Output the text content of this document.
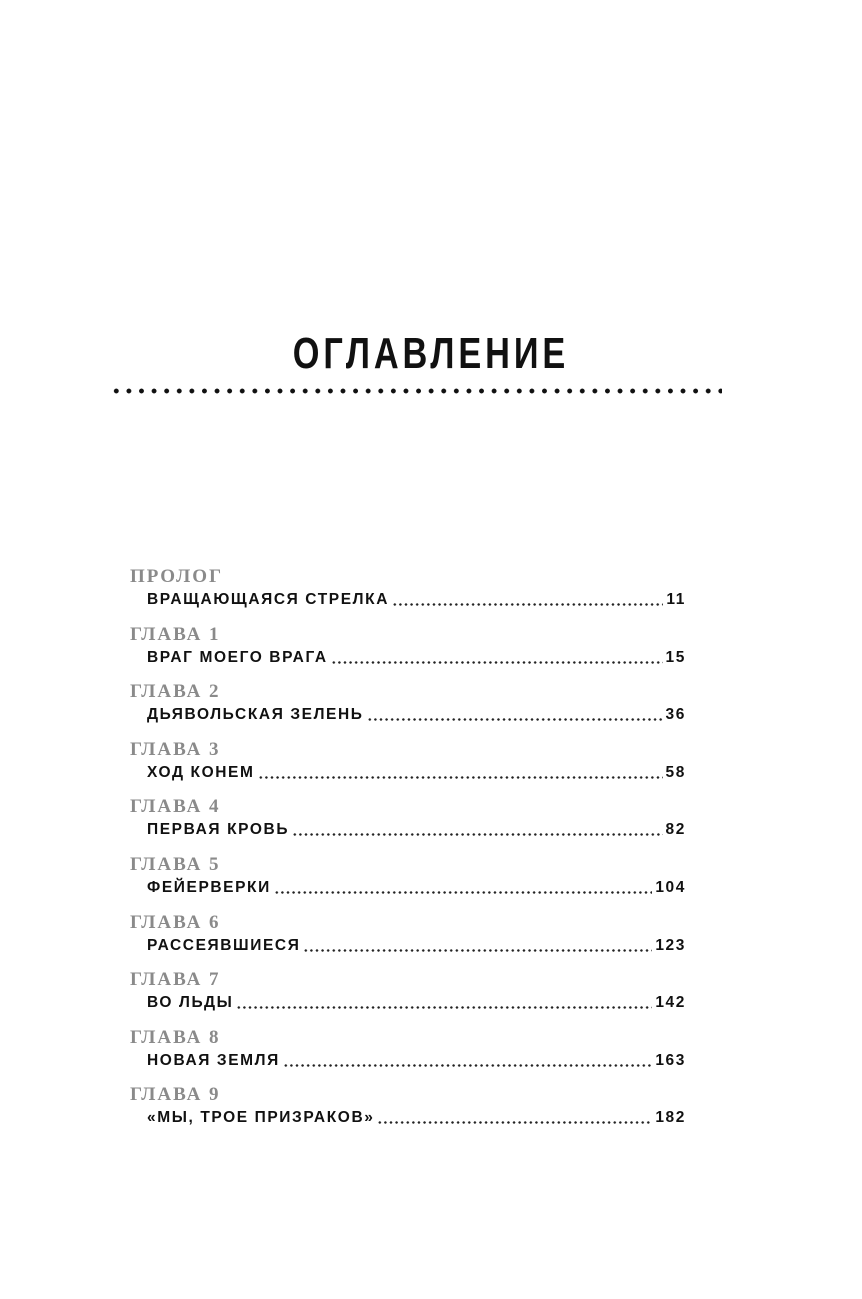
ОГЛАВЛЕНИЕ
ПРОЛОГ
ВРАЩАЮЩАЯСЯ СТРЕЛКА	11
ГЛАВА 1
ВРАГ МОЕГО ВРАГА	15
ГЛАВА 2
ДЬЯВОЛЬСКАЯ ЗЕЛЕНЬ	36
ГЛАВА 3
ХОД КОНЕМ	58
ГЛАВА 4
ПЕРВАЯ КРОВЬ	82
ГЛАВА 5
ФЕЙЕРВЕРКИ	104
ГЛАВА 6
РАССЕЯВШИЕСЯ	123
ГЛАВА 7
ВО ЛЬДЫ	142
ГЛАВА 8
НОВАЯ ЗЕМЛЯ	163
ГЛАВА 9
«МЫ, ТРОЕ ПРИЗРАКОВ»	182
